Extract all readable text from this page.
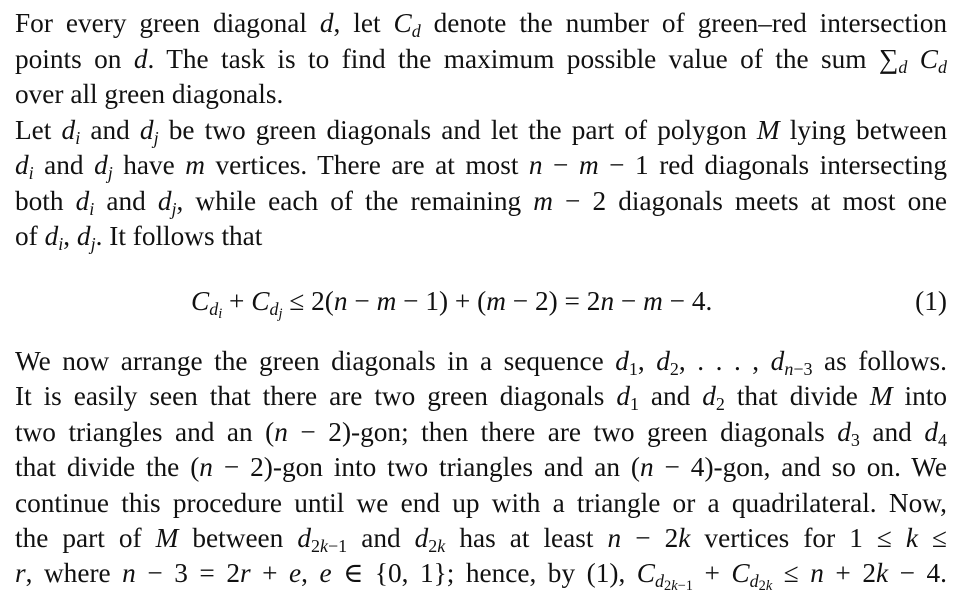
For every green diagonal d, let $C_d$ denote the number of green–red intersection
points on d. The task is to find the maximum possible value of the sum $\sum_d$ $C_d$
over all green diagonals.
Let $d_i$ and $d_j$ be two green diagonals and let the part of polygon M lying between
$d_i$ and $d_j$ have m vertices. There are at most n − m − 1 red diagonals intersecting
both $d_i$ and $d_j$, while each of the remaining m − 2 diagonals meets at most one
of $d_i$, $d_j$. It follows that
$C_{d_i} + C_{d_j} \le 2(n - m - 1) + (m - 2) = 2n - m - 4$.	(1)
We now arrange the green diagonals in a sequence $d_1$, $d_2$, . . . , $d_{n-3}$ as follows.
It is easily seen that there are two green diagonals $d_1$ and $d_2$ that divide M into
two triangles and an (n − 2)-gon; then there are two green diagonals $d_3$ and $d_4$
that divide the (n − 2)-gon into two triangles and an (n − 4)-gon, and so on. We
continue this procedure until we end up with a triangle or a quadrilateral. Now,
the part of M between $d_{2k-1}$ and $d_{2k}$ has at least n − 2k vertices for 1 ≤ k ≤
r, where n − 3 = 2r + e, e ∈ {0, 1}; hence, by (1), $C_{d_{2k-1}} + C_{d_{2k}} \le n + 2k - 4$.
